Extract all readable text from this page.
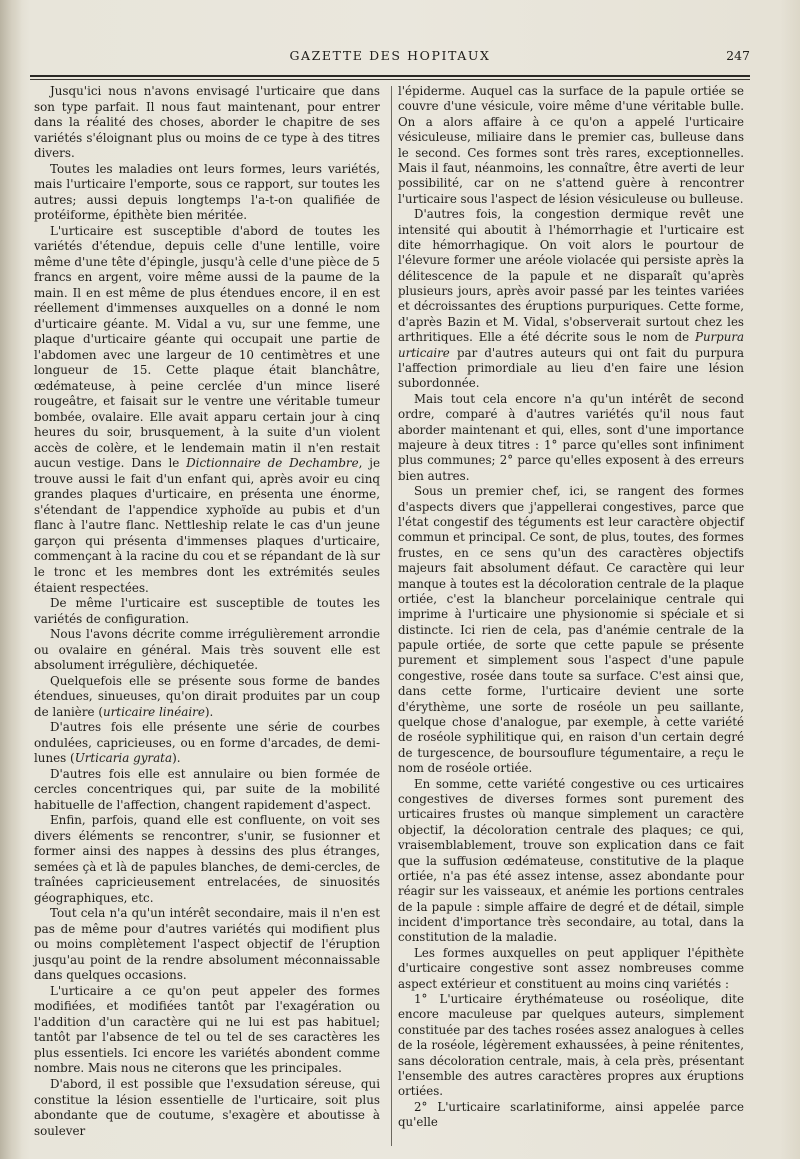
GAZETTE DES HOPITAUX	247

Jusqu'ici nous n'avons envisagé l'urticaire que dans son type parfait. Il nous faut maintenant, pour entrer dans la réalité des choses, aborder le chapitre de ses variétés s'éloignant plus ou moins de ce type à des titres divers.

Toutes les maladies ont leurs formes, leurs variétés, mais l'urticaire l'emporte, sous ce rapport, sur toutes les autres; aussi depuis longtemps l'a-t-on qualifiée de protéiforme, épithète bien méritée.

L'urticaire est susceptible d'abord de toutes les variétés d'étendue, depuis celle d'une lentille, voire même d'une tête d'épingle, jusqu'à celle d'une pièce de 5 francs en argent, voire même aussi de la paume de la main. Il en est même de plus étendues encore, il en est réellement d'immenses auxquelles on a donné le nom d'urticaire géante. M. Vidal a vu, sur une femme, une plaque d'urticaire géante qui occupait une partie de l'abdomen avec une largeur de 10 centimètres et une longueur de 15. Cette plaque était blanchâtre, œdémateuse, à peine cerclée d'un mince liseré rougeâtre, et faisait sur le ventre une véritable tumeur bombée, ovalaire. Elle avait apparu certain jour à cinq heures du soir, brusquement, à la suite d'un violent accès de colère, et le lendemain matin il n'en restait aucun vestige. Dans le Dictionnaire de Dechambre, je trouve aussi le fait d'un enfant qui, après avoir eu cinq grandes plaques d'urticaire, en présenta une énorme, s'étendant de l'appendice xyphoïde au pubis et d'un flanc à l'autre flanc. Nettleship relate le cas d'un jeune garçon qui présenta d'immenses plaques d'urticaire, commençant à la racine du cou et se répandant de là sur le tronc et les membres dont les extrémités seules étaient respectées.

De même l'urticaire est susceptible de toutes les variétés de configuration.

Nous l'avons décrite comme irrégulièrement arrondie ou ovalaire en général. Mais très souvent elle est absolument irrégulière, déchiquetée.

Quelquefois elle se présente sous forme de bandes étendues, sinueuses, qu'on dirait produites par un coup de lanière (urticaire linéaire).

D'autres fois elle présente une série de courbes ondulées, capricieuses, ou en forme d'arcades, de demi-lunes (Urticaria gyrata).

D'autres fois elle est annulaire ou bien formée de cercles concentriques qui, par suite de la mobilité habituelle de l'affection, changent rapidement d'aspect.

Enfin, parfois, quand elle est confluente, on voit ses divers éléments se rencontrer, s'unir, se fusionner et former ainsi des nappes à dessins des plus étranges, semées çà et là de papules blanches, de demi-cercles, de traînées capricieusement entrelacées, de sinuosités géographiques, etc.

Tout cela n'a qu'un intérêt secondaire, mais il n'en est pas de même pour d'autres variétés qui modifient plus ou moins complètement l'aspect objectif de l'éruption jusqu'au point de la rendre absolument méconnaissable dans quelques occasions.

L'urticaire a ce qu'on peut appeler des formes modifiées, et modifiées tantôt par l'exagération ou l'addition d'un caractère qui ne lui est pas habituel; tantôt par l'absence de tel ou tel de ses caractères les plus essentiels. Ici encore les variétés abondent comme nombre. Mais nous ne citerons que les principales.

D'abord, il est possible que l'exsudation séreuse, qui constitue la lésion essentielle de l'urticaire, soit plus abondante que de coutume, s'exagère et aboutisse à soulever

l'épiderme. Auquel cas la surface de la papule ortiée se couvre d'une vésicule, voire même d'une véritable bulle. On a alors affaire à ce qu'on a appelé l'urticaire vésiculeuse, miliaire dans le premier cas, bulleuse dans le second. Ces formes sont très rares, exceptionnelles. Mais il faut, néanmoins, les connaître, être averti de leur possibilité, car on ne s'attend guère à rencontrer l'urticaire sous l'aspect de lésion vésiculeuse ou bulleuse.

D'autres fois, la congestion dermique revêt une intensité qui aboutit à l'hémorrhagie et l'urticaire est dite hémorrhagique. On voit alors le pourtour de l'élevure former une aréole violacée qui persiste après la délitescence de la papule et ne disparaît qu'après plusieurs jours, après avoir passé par les teintes variées et décroissantes des éruptions purpuriques. Cette forme, d'après Bazin et M. Vidal, s'observerait surtout chez les arthritiques. Elle a été décrite sous le nom de Purpura urticaire par d'autres auteurs qui ont fait du purpura l'affection primordiale au lieu d'en faire une lésion subordonnée.

Mais tout cela encore n'a qu'un intérêt de second ordre, comparé à d'autres variétés qu'il nous faut aborder maintenant et qui, elles, sont d'une importance majeure à deux titres : 1° parce qu'elles sont infiniment plus communes; 2° parce qu'elles exposent à des erreurs bien autres.

Sous un premier chef, ici, se rangent des formes d'aspects divers que j'appellerai congestives, parce que l'état congestif des téguments est leur caractère objectif commun et principal. Ce sont, de plus, toutes, des formes frustes, en ce sens qu'un des caractères objectifs majeurs fait absolument défaut. Ce caractère qui leur manque à toutes est la décoloration centrale de la plaque ortiée, c'est la blancheur porcelainique centrale qui imprime à l'urticaire une physionomie si spéciale et si distincte. Ici rien de cela, pas d'anémie centrale de la papule ortiée, de sorte que cette papule se présente purement et simplement sous l'aspect d'une papule congestive, rosée dans toute sa surface. C'est ainsi que, dans cette forme, l'urticaire devient une sorte d'érythème, une sorte de roséole un peu saillante, quelque chose d'analogue, par exemple, à cette variété de roséole syphilitique qui, en raison d'un certain degré de turgescence, de boursouflure tégumentaire, a reçu le nom de roséole ortiée.

En somme, cette variété congestive ou ces urticaires congestives de diverses formes sont purement des urticaires frustes où manque simplement un caractère objectif, la décoloration centrale des plaques; ce qui, vraisemblablement, trouve son explication dans ce fait que la suffusion œdémateuse, constitutive de la plaque ortiée, n'a pas été assez intense, assez abondante pour réagir sur les vaisseaux, et anémie les portions centrales de la papule : simple affaire de degré et de détail, simple incident d'importance très secondaire, au total, dans la constitution de la maladie.

Les formes auxquelles on peut appliquer l'épithète d'urticaire congestive sont assez nombreuses comme aspect extérieur et constituent au moins cinq variétés :

1° L'urticaire érythémateuse ou roséolique, dite encore maculeuse par quelques auteurs, simplement constituée par des taches rosées assez analogues à celles de la roséole, légèrement exhaussées, à peine rénitentes, sans décoloration centrale, mais, à cela près, présentant l'ensemble des autres caractères propres aux éruptions ortiées.

2° L'urticaire scarlatiniforme, ainsi appelée parce qu'elle
